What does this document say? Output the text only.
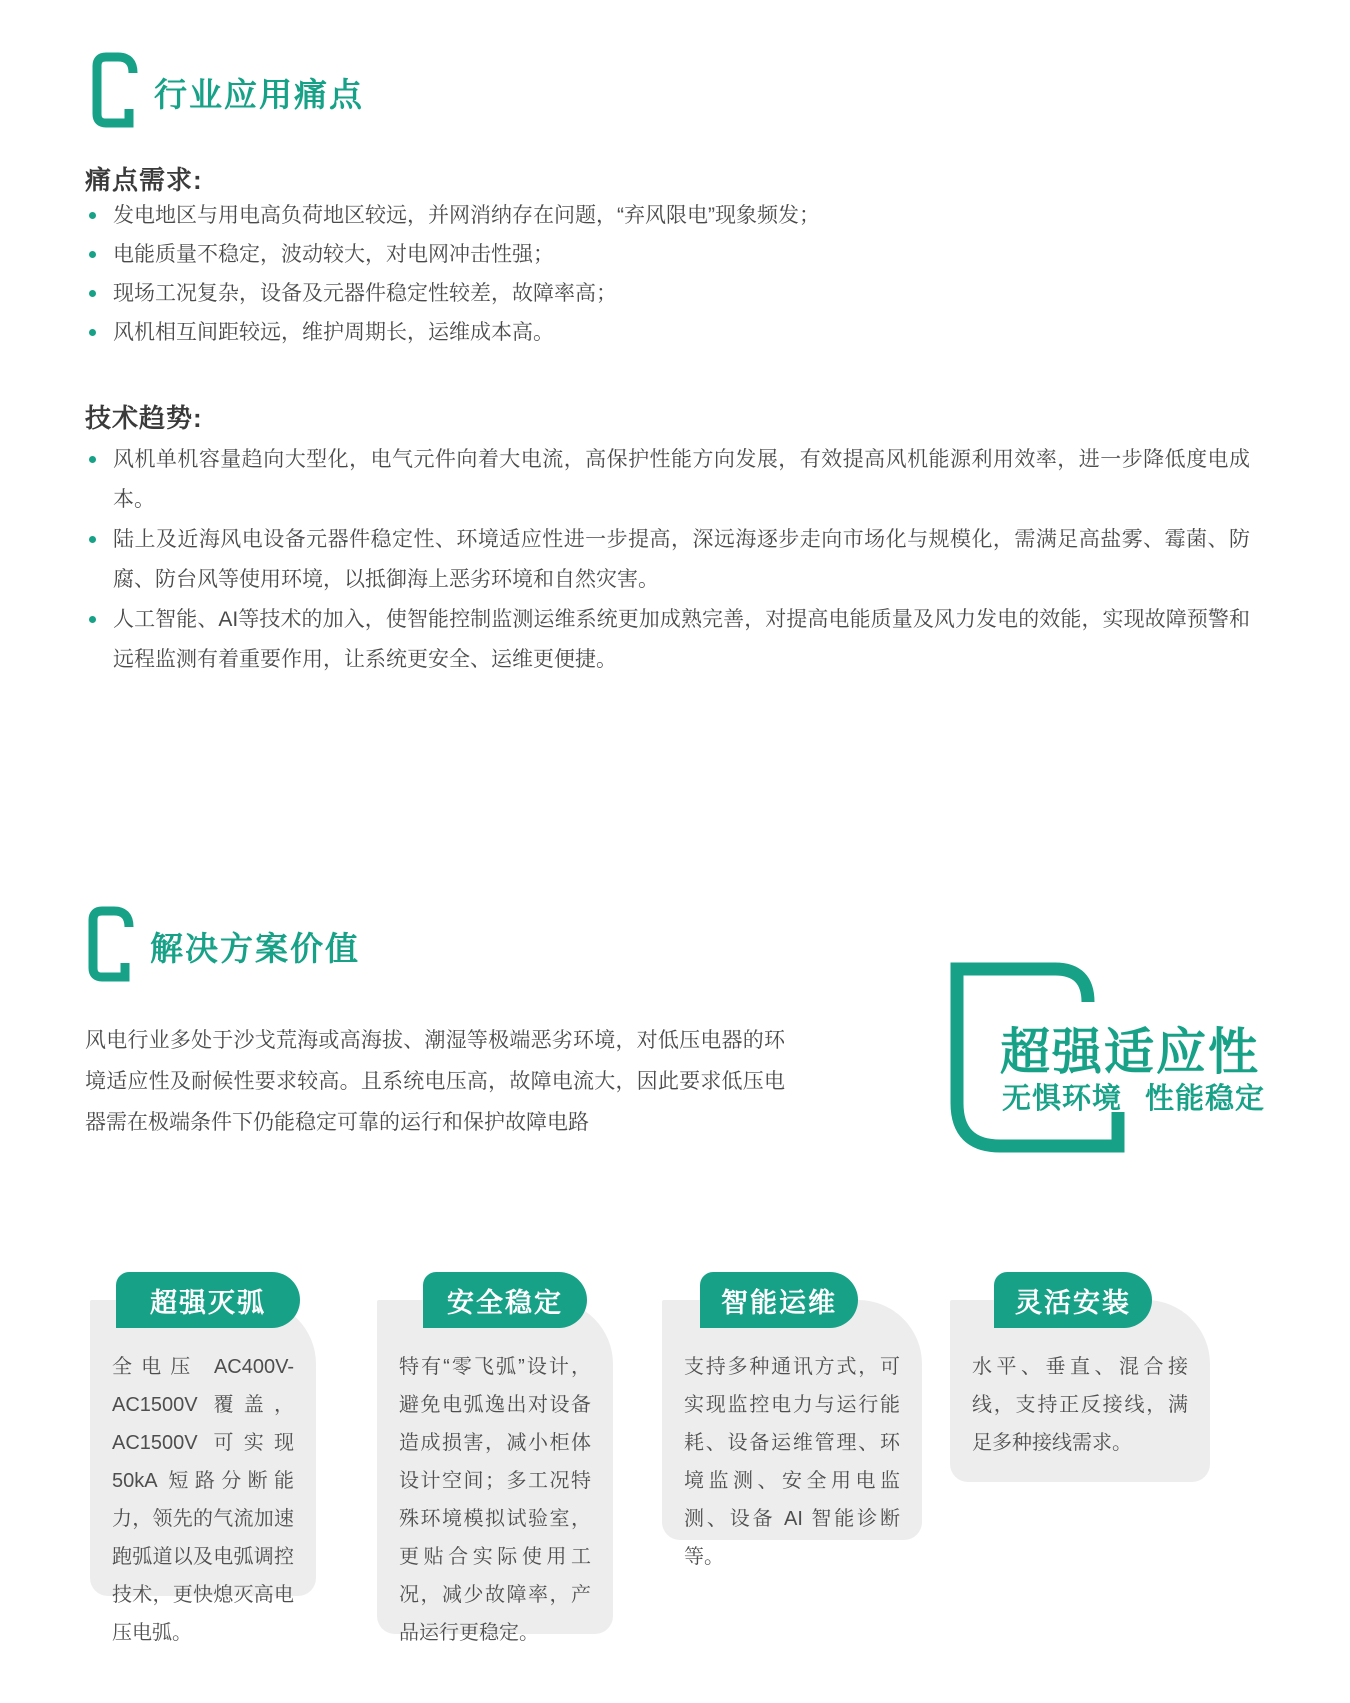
行业应用痛点
痛点需求:
发电地区与用电高负荷地区较远，并网消纳存在问题，“弃风限电”现象频发；
电能质量不稳定，波动较大，对电网冲击性强；
现场工况复杂，设备及元器件稳定性较差，故障率高；
风机相互间距较远，维护周期长，运维成本高。
技术趋势:
风机单机容量趋向大型化，电气元件向着大电流，高保护性能方向发展，有效提高风机能源利用效率，进一步降低度电成本。
陆上及近海风电设备元器件稳定性、环境适应性进一步提高，深远海逐步走向市场化与规模化，需满足高盐雾、霉菌、防腐、防台风等使用环境，以抵御海上恶劣环境和自然灾害。
人工智能、AI等技术的加入，使智能控制监测运维系统更加成熟完善，对提高电能质量及风力发电的效能，实现故障预警和远程监测有着重要作用，让系统更安全、运维更便捷。
解决方案价值
风电行业多处于沙戈荒海或高海拔、潮湿等极端恶劣环境，对低压电器的环境适应性及耐候性要求较高。且系统电压高，故障电流大，因此要求低压电器需在极端条件下仍能稳定可靠的运行和保护故障电路
超强适应性
无惧环境 性能稳定
超强灭弧
全电压 AC400V-AC1500V 覆盖，AC1500V 可实现 50kA 短路分断能力，领先的气流加速跑弧道以及电弧调控技术，更快熄灭高电压电弧。
安全稳定
特有“零飞弧”设计，避免电弧逸出对设备造成损害，减小柜体设计空间；多工况特殊环境模拟试验室，更贴合实际使用工况，减少故障率，产品运行更稳定。
智能运维
支持多种通讯方式，可实现监控电力与运行能耗、设备运维管理、环境监测、安全用电监测、设备 AI 智能诊断等。
灵活安装
水平、垂直、混合接线，支持正反接线，满足多种接线需求。
